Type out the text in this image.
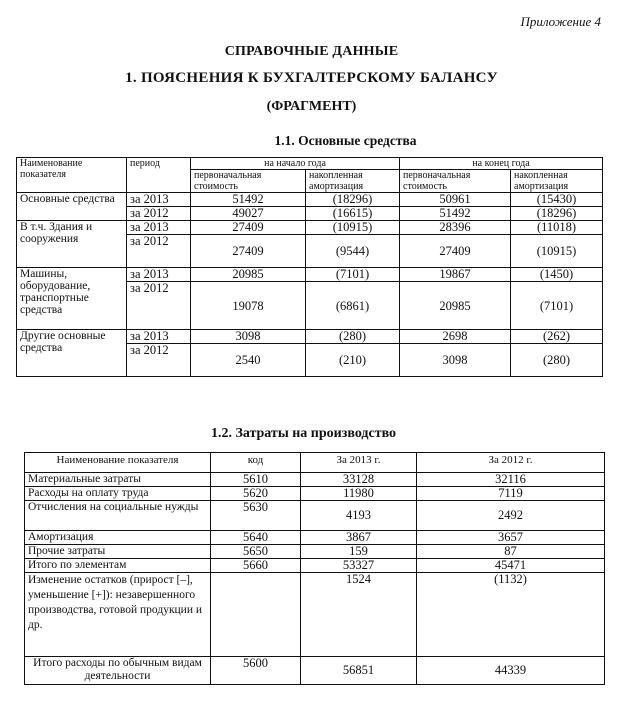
Приложение 4
СПРАВОЧНЫЕ ДАННЫЕ
1. ПОЯСНЕНИЯ К БУХГАЛТЕРСКОМУ БАЛАНСУ
(ФРАГМЕНТ)
1.1. Основные средства
Наименование показателя	период	на начало года		на конец года	
		первоначальная стоимость	накопленная амортизация	первоначальная стоимость	накопленная амортизация
Основные средства	за 2013	51492	(18296)	50961	(15430)
	за 2012	49027	(16615)	51492	(18296)
В т.ч. Здания и сооружения	за 2013	27409	(10915)	28396	(11018)
	за 2012	27409	(9544)	27409	(10915)
Машины, оборудование, транспортные средства	за 2013	20985	(7101)	19867	(1450)
	за 2012	19078	(6861)	20985	(7101)
Другие основные средства	за 2013	3098	(280)	2698	(262)
	за 2012	2540	(210)	3098	(280)
1.2. Затраты на производство
Наименование показателя	код	За 2013 г.	За 2012 г.
Материальные затраты	5610	33128	32116
Расходы на оплату труда	5620	11980	7119
Отчисления на социальные нужды	5630	4193	2492
Амортизация	5640	3867	3657
Прочие затраты	5650	159	87
Итого по элементам	5660	53327	45471
Изменение остатков (прирост [–], уменьшение [+]): незавершенного производства, готовой продукции и др.		1524	(1132)
Итого расходы по обычным видам деятельности	5600	56851	44339
